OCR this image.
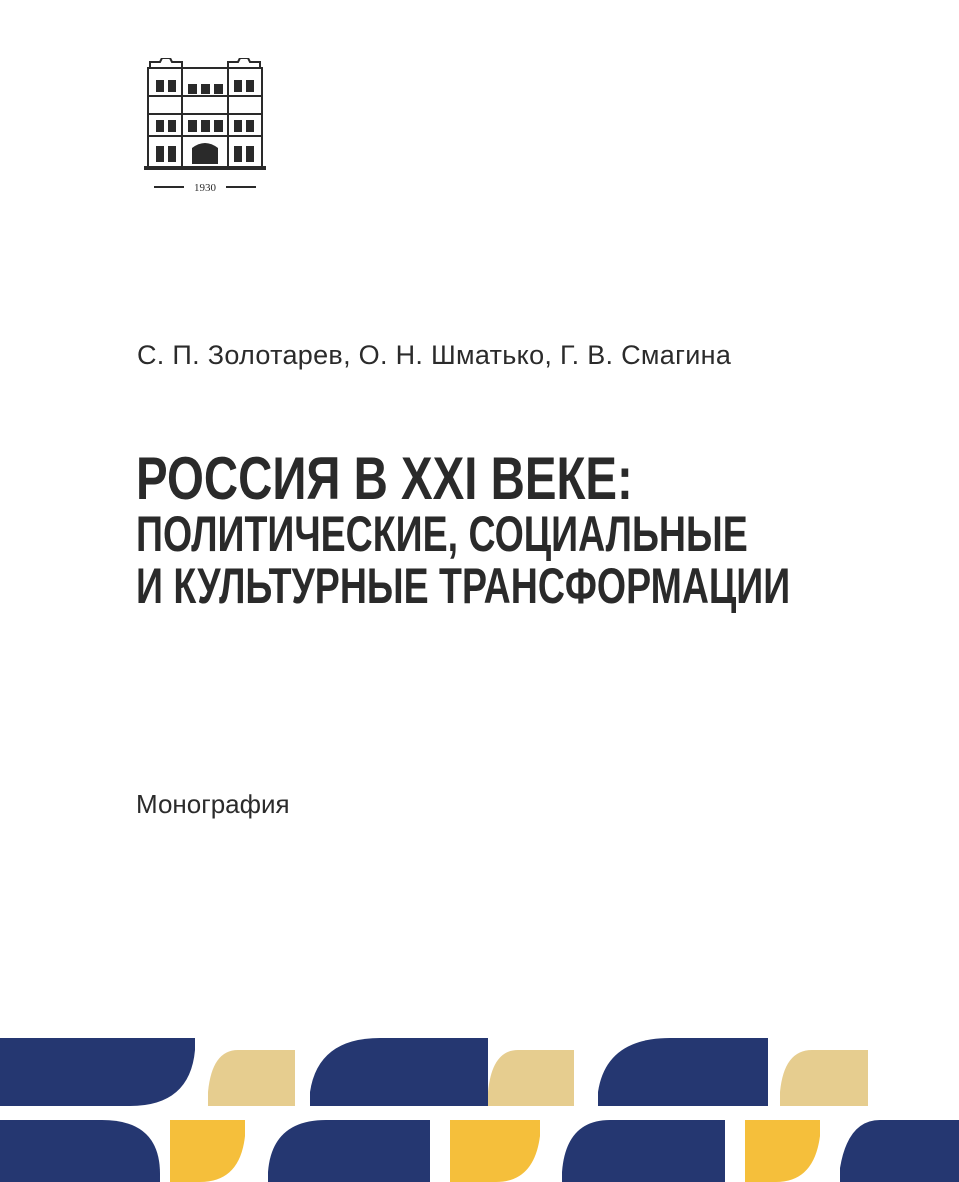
1930
С. П. Золотарев, О. Н. Шматько, Г. В. Смагина
РОССИЯ В XXI ВЕКЕ:
ПОЛИТИЧЕСКИЕ, СОЦИАЛЬНЫЕ
И КУЛЬТУРНЫЕ ТРАНСФОРМАЦИИ
Монография
